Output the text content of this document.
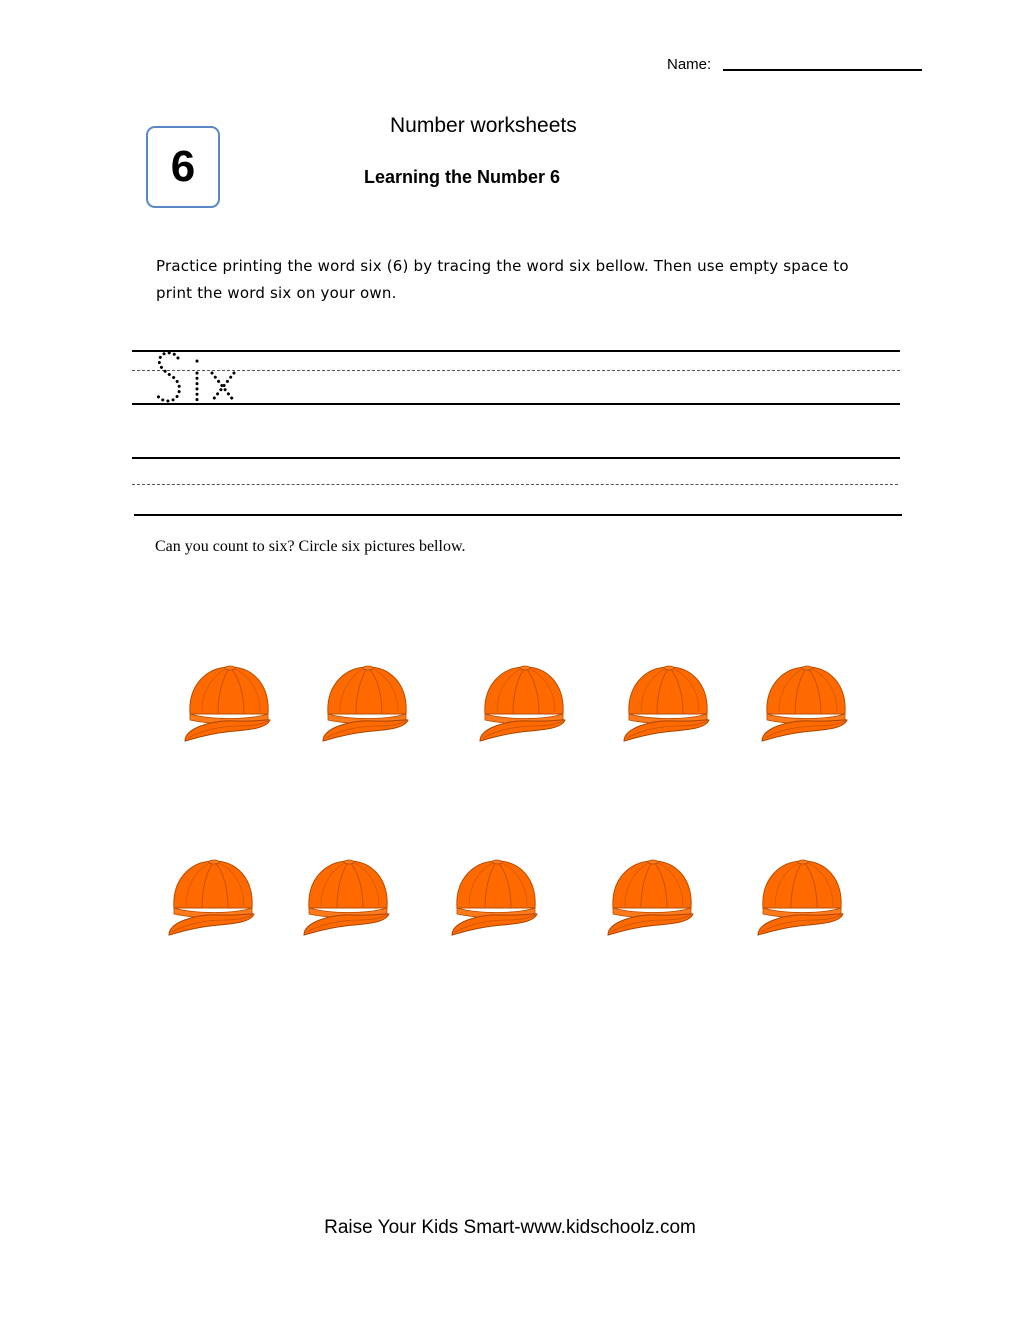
Name:
6
Number worksheets
Learning the Number 6
Practice printing the word six (6) by tracing the word six bellow. Then use empty space to print the word six on your own.
Can you count to six? Circle six pictures bellow.
Raise Your Kids Smart-www.kidschoolz.com
